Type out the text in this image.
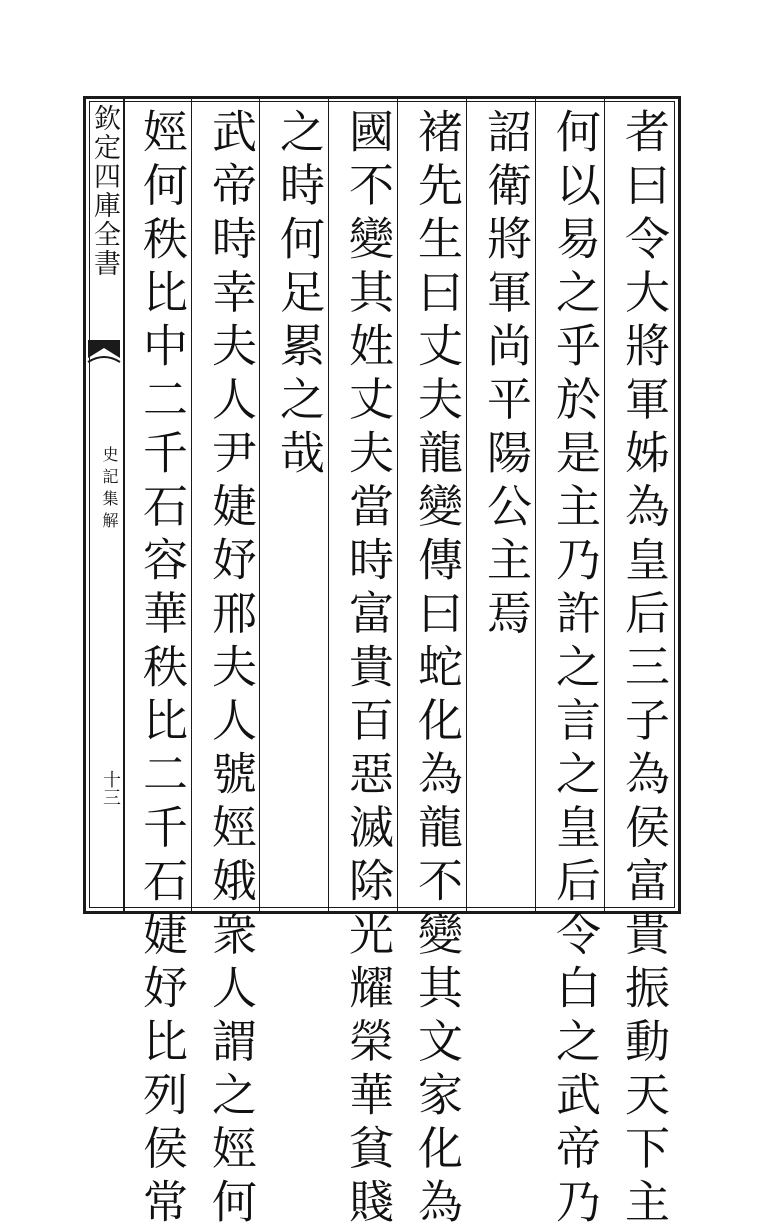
欽定四庫全書
史記集解
十三	者曰令大將軍姊為皇后三子為侯富貴振動天下主
何以易之乎於是主乃許之言之皇后令白之武帝乃
詔衛將軍尚平陽公主焉
褚先生曰丈夫龍變傳曰蛇化為龍不變其文家化為
國不變其姓丈夫當時富貴百惡滅除光耀榮華貧賤
之時何足累之哉
武帝時幸夫人尹婕妤邢夫人號娙娥衆人謂之娙何
娙何秩比中二千石容華秩比二千石婕妤比列侯常
